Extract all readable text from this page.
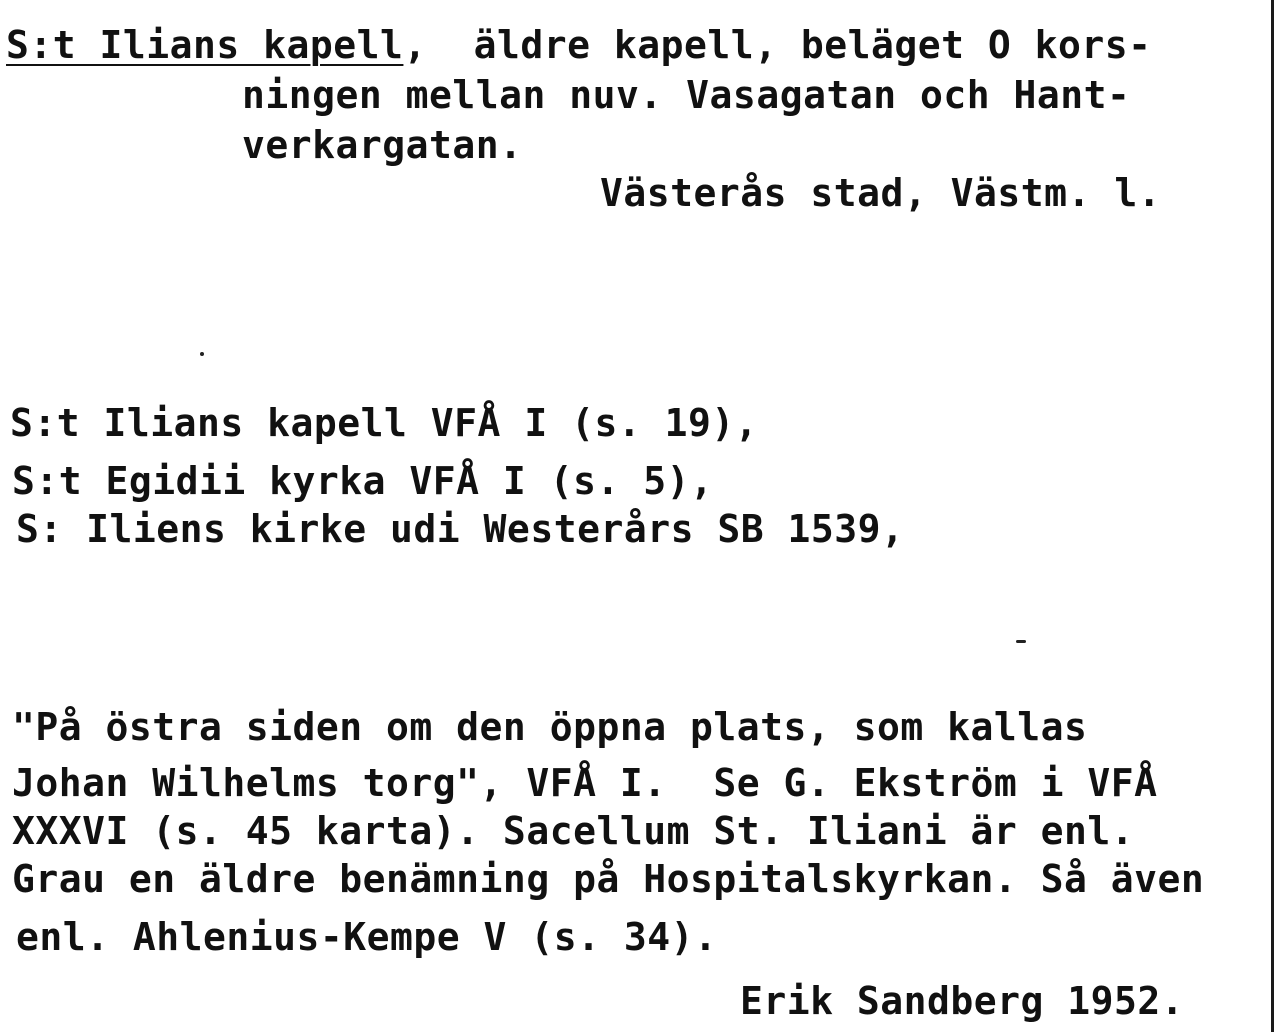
S:t Ilians kapell,  äldre kapell, beläget O kors-
ningen mellan nuv. Vasagatan och Hant-
verkargatan.
Västerås stad, Västm. l.
S:t Ilians kapell VFÅ I (s. 19),
S:t Egidii kyrka VFÅ I (s. 5),
S: Iliens kirke udi Westerårs SB 1539,
"På östra siden om den öppna plats, som kallas
Johan Wilhelms torg", VFÅ I.  Se G. Ekström i VFÅ
XXXVI (s. 45 karta). Sacellum St. Iliani är enl.
Grau en äldre benämning på Hospitalskyrkan. Så även
enl. Ahlenius-Kempe V (s. 34).
Erik Sandberg 1952.
